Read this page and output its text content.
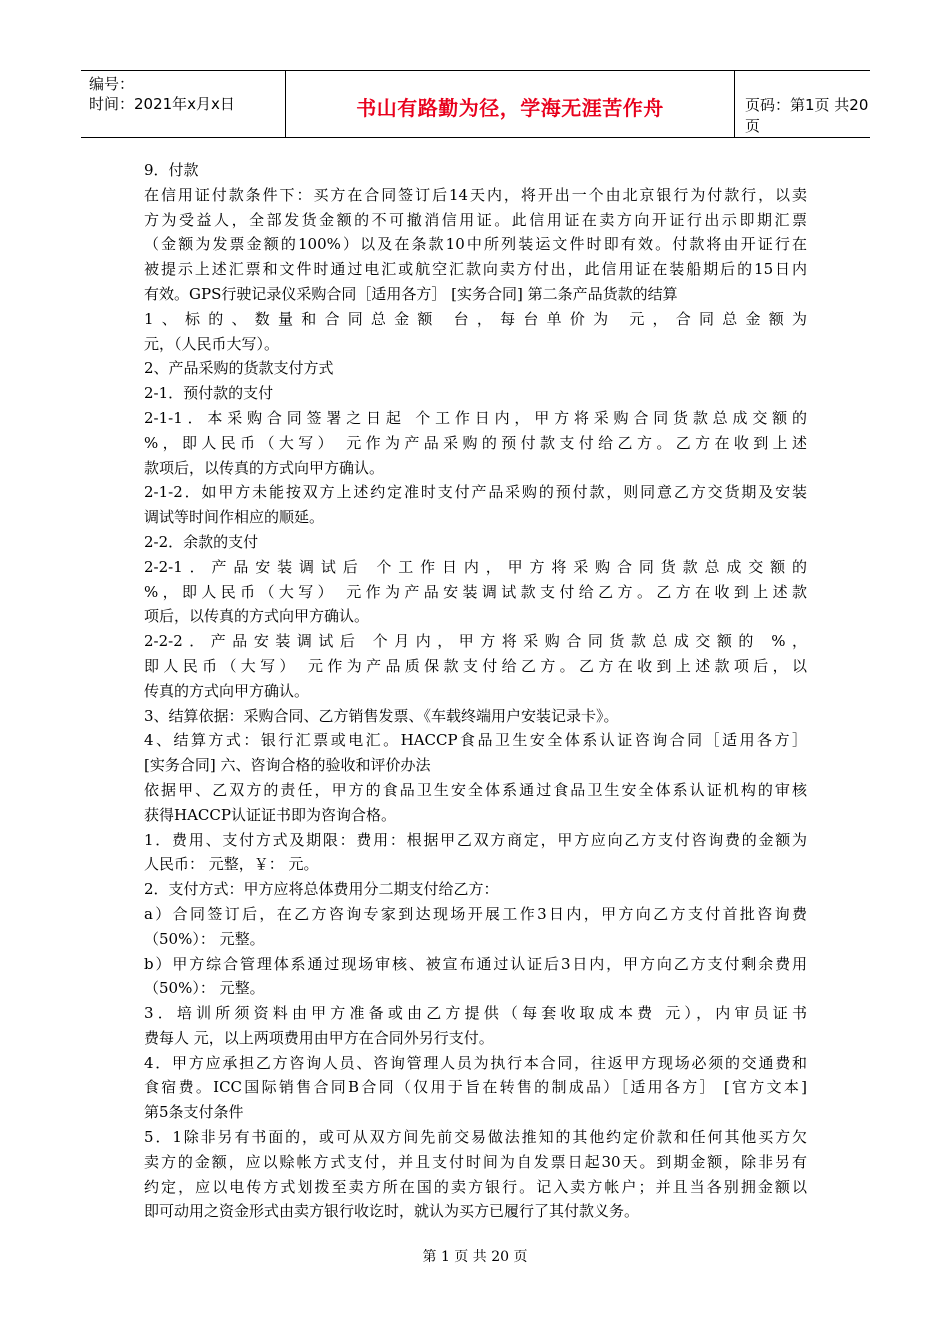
编号：
时间：2021年x月x日	书山有路勤为径，学海无涯苦作舟	页码：第1页 共20页
9．付款
在信用证付款条件下：买方在合同签订后14天内，将开出一个由北京银行为付款行，以卖
方为受益人，全部发货金额的不可撤消信用证。此信用证在卖方向开证行出示即期汇票
（金额为发票金额的100%）以及在条款10中所列装运文件时即有效。付款将由开证行在
被提示上述汇票和文件时通过电汇或航空汇款向卖方付出，此信用证在装船期后的15日内
有效。GPS行驶记录仪采购合同［适用各方］ [实务合同] 第二条产品货款的结算
1、标的、数量和合同总金额 台，每台单价为 元，合同总金额为
元，（人民币大写）。
2、产品采购的货款支付方式
2-1．预付款的支付
2-1-1．本采购合同签署之日起 个工作日内，甲方将采购合同货款总成交额的
%，即人民币（大写） 元作为产品采购的预付款支付给乙方。乙方在收到上述
款项后，以传真的方式向甲方确认。
2-1-2．如甲方未能按双方上述约定准时支付产品采购的预付款，则同意乙方交货期及安装
调试等时间作相应的顺延。
2-2．余款的支付
2-2-1．产品安装调试后 个工作日内，甲方将采购合同货款总成交额的
%，即人民币（大写） 元作为产品安装调试款支付给乙方。乙方在收到上述款
项后，以传真的方式向甲方确认。
2-2-2．产品安装调试后 个月内，甲方将采购合同货款总成交额的 %，
即人民币（大写） 元作为产品质保款支付给乙方。乙方在收到上述款项后，以
传真的方式向甲方确认。
3、结算依据：采购合同、乙方销售发票、《车载终端用户安装记录卡》。
4、结算方式：银行汇票或电汇。HACCP食品卫生安全体系认证咨询合同［适用各方］
[实务合同] 六、咨询合格的验收和评价办法
依据甲、乙双方的责任，甲方的食品卫生安全体系通过食品卫生安全体系认证机构的审核
获得HACCP认证证书即为咨询合格。
1．费用、支付方式及期限：费用：根据甲乙双方商定，甲方应向乙方支付咨询费的金额为
人民币： 元整，￥： 元。
2．支付方式：甲方应将总体费用分二期支付给乙方：
a）合同签订后，在乙方咨询专家到达现场开展工作3日内，甲方向乙方支付首批咨询费
（50%）： 元整。
b）甲方综合管理体系通过现场审核、被宣布通过认证后3日内，甲方向乙方支付剩余费用
（50%）： 元整。
3．培训所须资料由甲方准备或由乙方提供（每套收取成本费 元），内审员证书
费每人 元，以上两项费用由甲方在合同外另行支付。
4．甲方应承担乙方咨询人员、咨询管理人员为执行本合同，往返甲方现场必须的交通费和
食宿费。ICC国际销售合同B合同（仅用于旨在转售的制成品）［适用各方］ [官方文本]
第5条支付条件
5．1除非另有书面的，或可从双方间先前交易做法推知的其他约定价款和任何其他买方欠
卖方的金额，应以赊帐方式支付，并且支付时间为自发票日起30天。到期金额，除非另有
约定，应以电传方式划拨至卖方所在国的卖方银行。记入卖方帐户；并且当各别拥金额以
即可动用之资金形式由卖方银行收讫时，就认为买方已履行了其付款义务。
第 1 页 共 20 页
